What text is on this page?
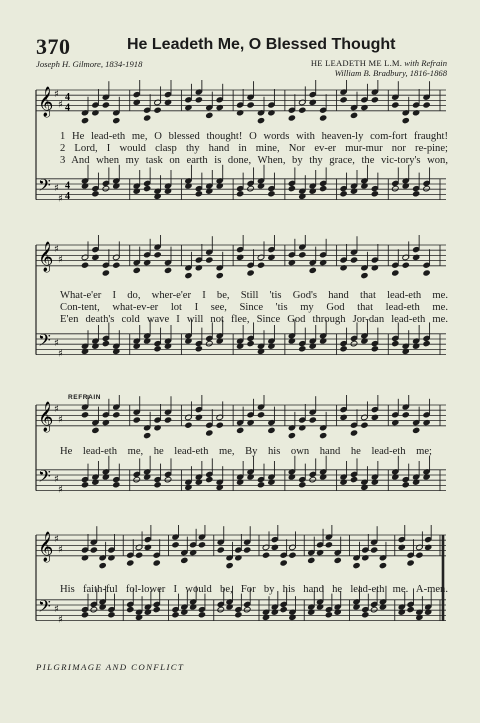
370	He Leadeth Me, O Blessed Thought
Joseph H. Gilmore, 1834-1918	HE LEADETH ME L.M. with Refrain
William B. Bradbury, 1816-1868
𝄞
𝄢
♯
♯
♯
♯
4
4
4
4
1 He lead-eth me, O blessed thought! O words with heaven-ly com-fort fraught!
2 Lord, I would clasp thy hand in mine, Nor ev-er mur-mur nor re-pine;
3 And when my task on earth is done, When, by thy grace, the vic-tory's won,
𝄞
𝄢
♯
♯
♯
♯
What-e'er I do, wher-e'er I be, Still 'tis God's hand that lead-eth me.
Con-tent, what-ev-er lot I see, Since 'tis my God that lead-eth me.
E'en death's cold wave I will not flee, Since God through Jor-dan lead-eth me.
REFRAIN
𝄞
𝄢
♯
♯
♯
♯
He lead-eth me, he lead-eth me, By his own hand he lead-eth me;
𝄞
𝄢
♯
♯
♯
♯
His faith-ful fol-lower I would be, For by his hand he lead-eth me. A-men.
PILGRIMAGE AND CONFLICT
